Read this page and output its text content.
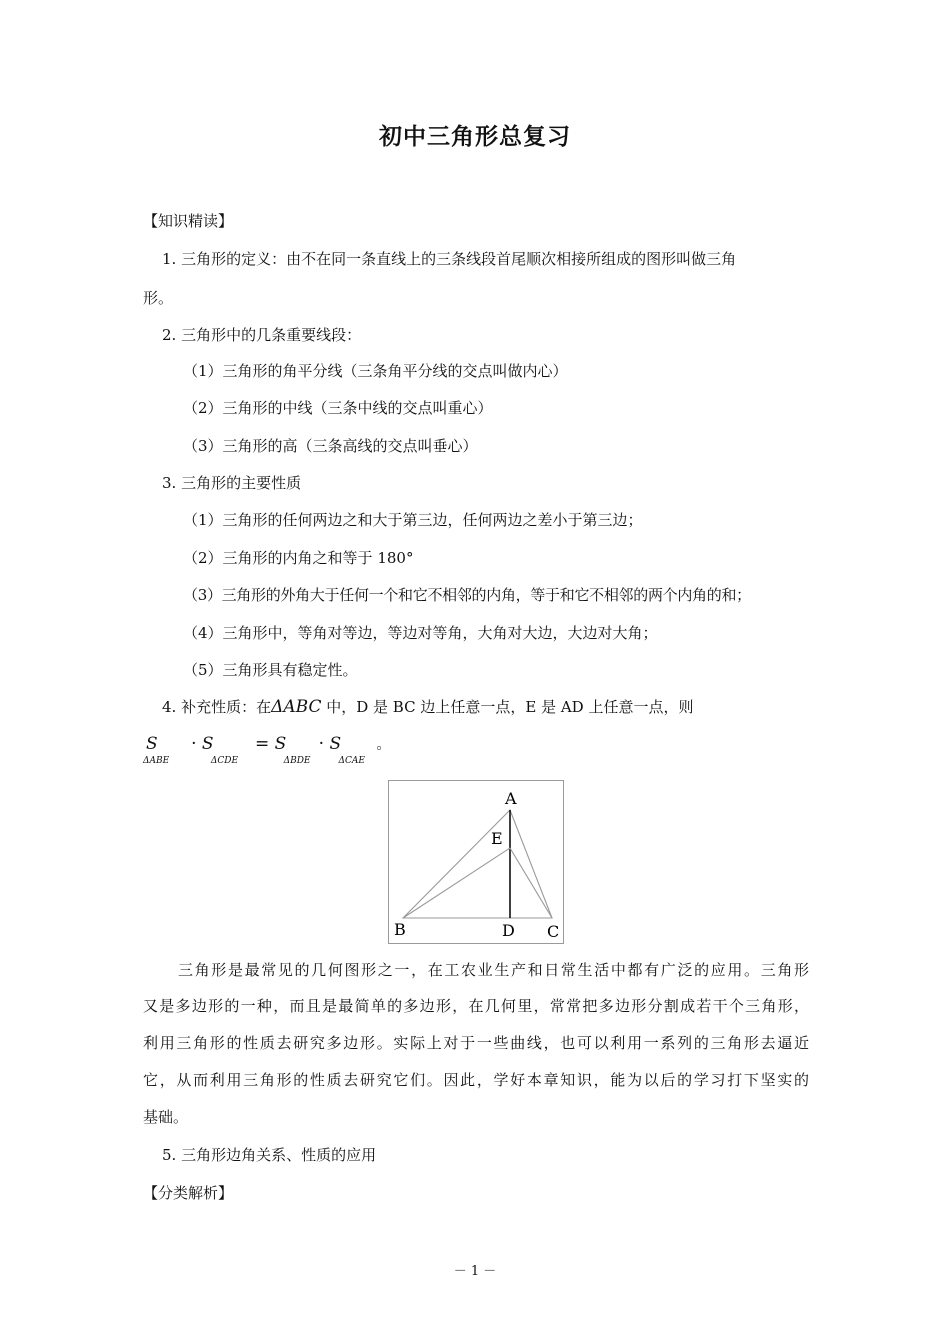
初中三角形总复习
【知识精读】
1. 三角形的定义：由不在同一条直线上的三条线段首尾顺次相接所组成的图形叫做三角
形。
2. 三角形中的几条重要线段：
（1）三角形的角平分线（三条角平分线的交点叫做内心）
（2）三角形的中线（三条中线的交点叫重心）
（3）三角形的高（三条高线的交点叫垂心）
3. 三角形的主要性质
（1）三角形的任何两边之和大于第三边，任何两边之差小于第三边；
（2）三角形的内角之和等于 180°
（3）三角形的外角大于任何一个和它不相邻的内角，等于和它不相邻的两个内角的和；
（4）三角形中，等角对等边，等边对等角，大角对大边，大边对大角；
（5）三角形具有稳定性。
4. 补充性质：在ΔABC 中，D 是 BC 边上任意一点，E 是 AD 上任意一点，则
S
ΔABE
· S
ΔCDE
= S
ΔBDE
· S
ΔCAE
。
A
E
B	D C
三角形是最常见的几何图形之一，在工农业生产和日常生活中都有广泛的应用。三角形
又是多边形的一种，而且是最简单的多边形，在几何里，常常把多边形分割成若干个三角形，
利用三角形的性质去研究多边形。实际上对于一些曲线，也可以利用一系列的三角形去逼近
它，从而利用三角形的性质去研究它们。因此，学好本章知识，能为以后的学习打下坚实的
基础。
5. 三角形边角关系、性质的应用
【分类解析】
－ 1 －
